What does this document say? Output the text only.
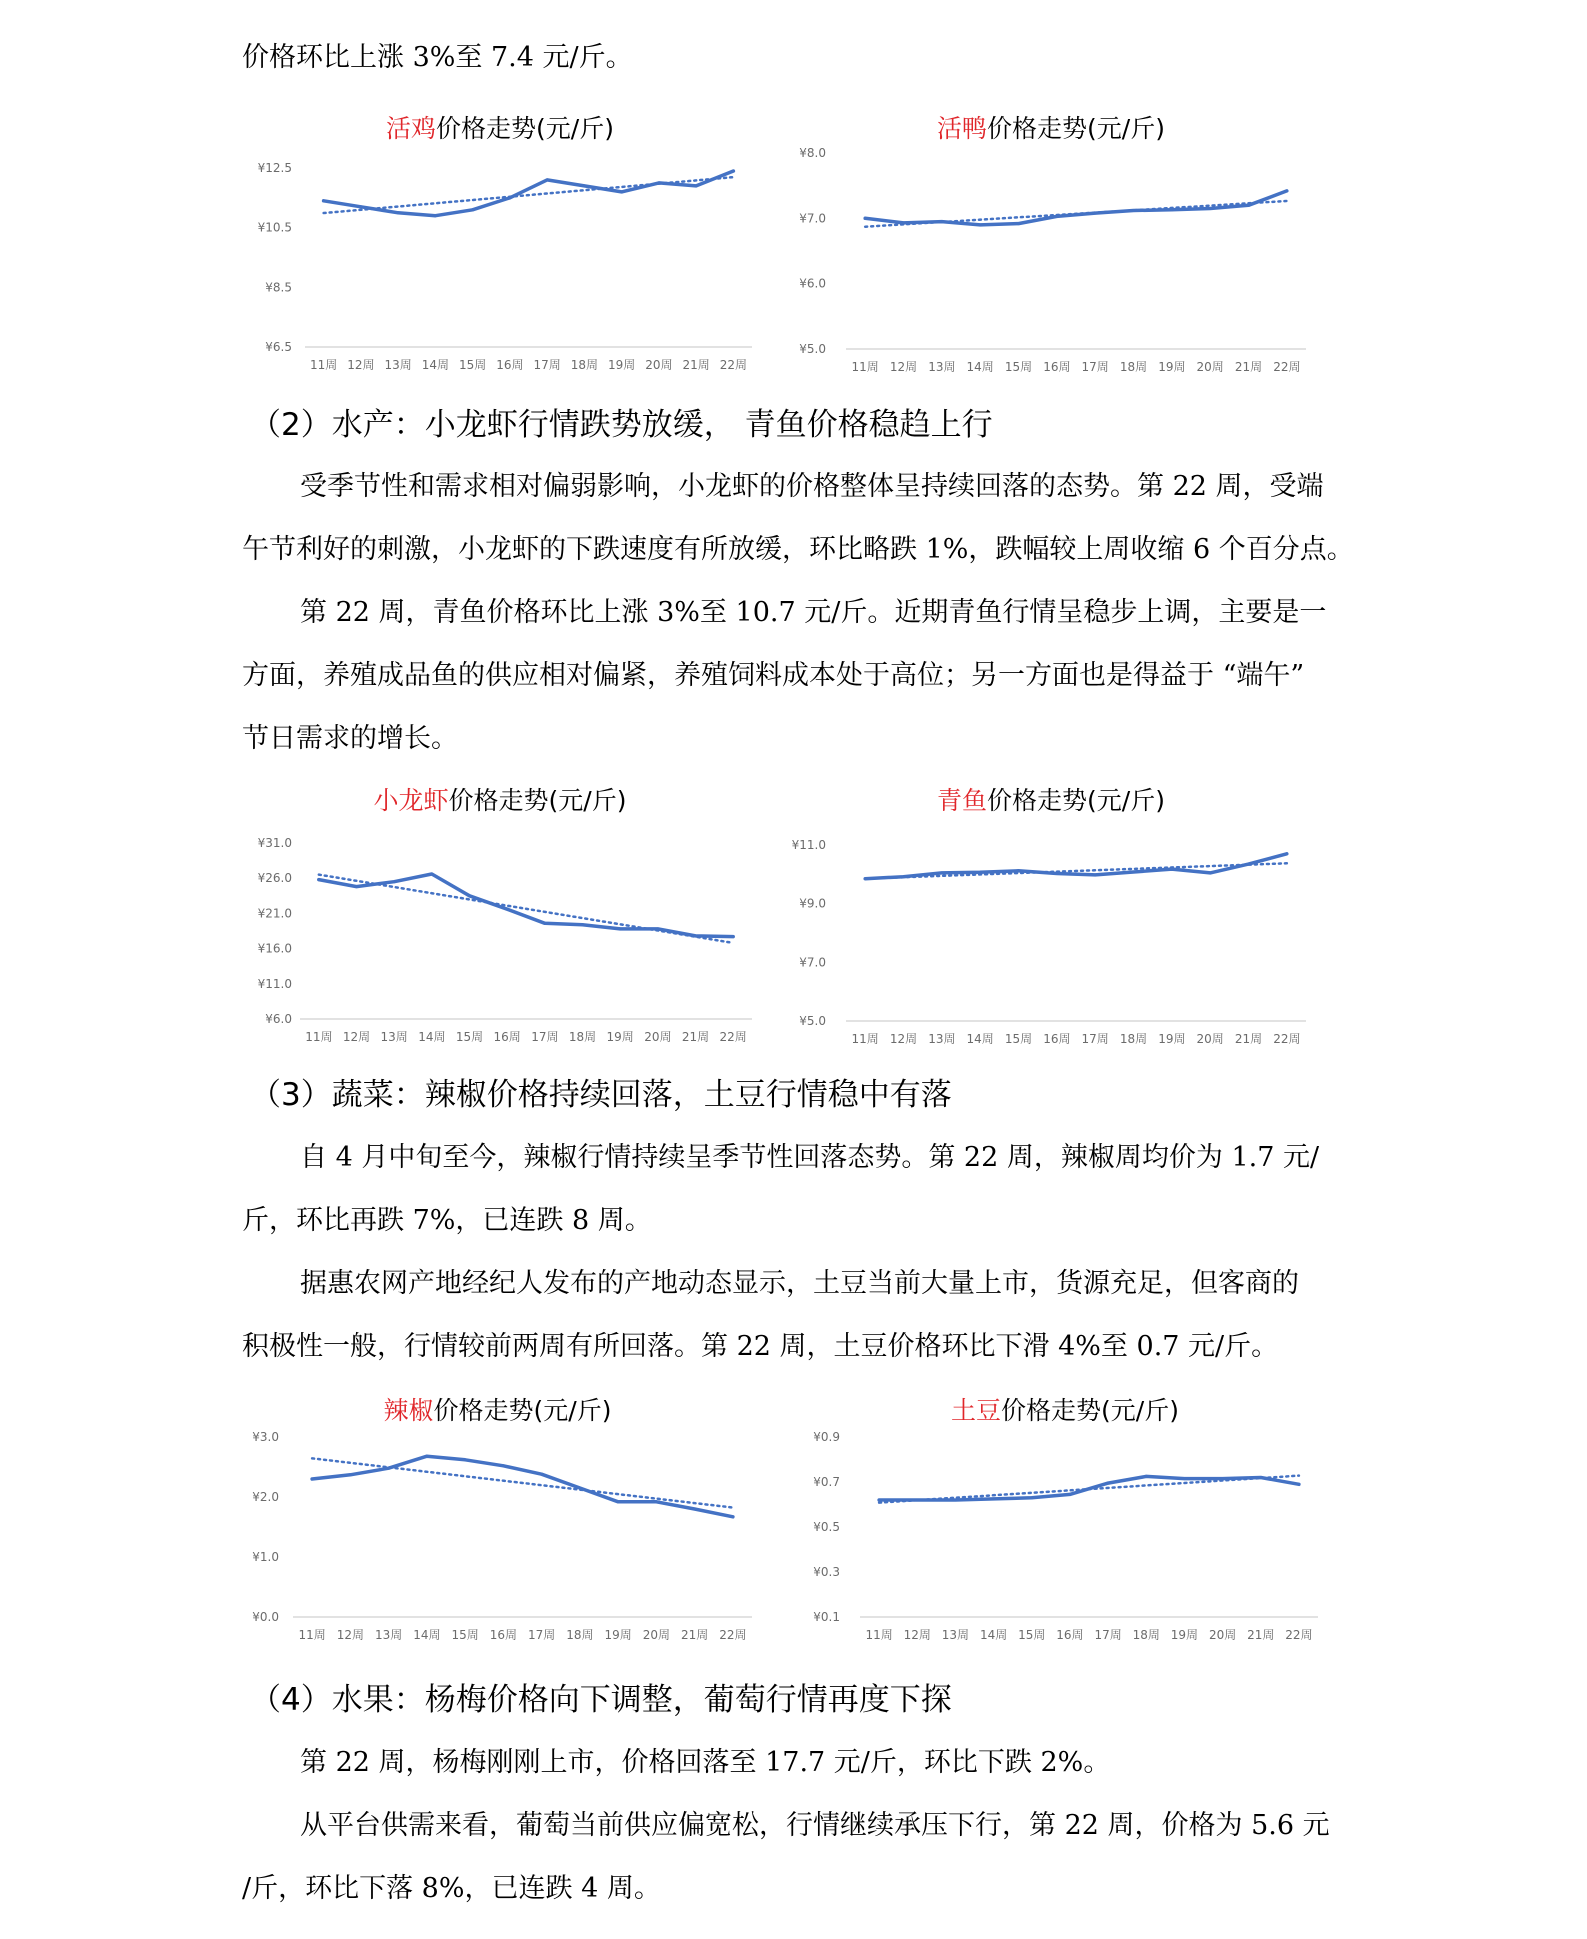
价格环比上涨 3%至 7.4 元/斤。
活鸡价格走势(元/斤)
¥12.5
¥10.5
¥8.5
¥6.5
11周 12周 13周 14周 15周 16周 17周 18周 19周 20周 21周 22周
活鸭价格走势(元/斤)
¥8.0
¥7.0
¥6.0
¥5.0
11周 12周 13周 14周 15周 16周 17周 18周 19周 20周 21周 22周
（2）水产：小龙虾行情跌势放缓， 青鱼价格稳趋上行
受季节性和需求相对偏弱影响，小龙虾的价格整体呈持续回落的态势。第 22 周，受端
午节利好的刺激，小龙虾的下跌速度有所放缓，环比略跌 1%，跌幅较上周收缩 6 个百分点。
第 22 周，青鱼价格环比上涨 3%至 10.7 元/斤。近期青鱼行情呈稳步上调，主要是一
方面，养殖成品鱼的供应相对偏紧，养殖饲料成本处于高位；另一方面也是得益于 “端午”
节日需求的增长。
小龙虾价格走势(元/斤)
¥31.0
¥26.0
¥21.0
¥16.0
¥11.0
¥6.0
11周 12周 13周 14周 15周 16周 17周 18周 19周 20周 21周 22周
青鱼价格走势(元/斤)
¥11.0
¥9.0
¥7.0
¥5.0
11周 12周 13周 14周 15周 16周 17周 18周 19周 20周 21周 22周
（3）蔬菜：辣椒价格持续回落，土豆行情稳中有落
自 4 月中旬至今，辣椒行情持续呈季节性回落态势。第 22 周，辣椒周均价为 1.7 元/
斤，环比再跌 7%，已连跌 8 周。
据惠农网产地经纪人发布的产地动态显示，土豆当前大量上市，货源充足，但客商的
积极性一般，行情较前两周有所回落。第 22 周，土豆价格环比下滑 4%至 0.7 元/斤。
辣椒价格走势(元/斤)
¥3.0
¥2.0
¥1.0
¥0.0
11周 12周 13周 14周 15周 16周 17周 18周 19周 20周 21周 22周
土豆价格走势(元/斤)
¥0.9
¥0.7
¥0.5
¥0.3
¥0.1
11周 12周 13周 14周 15周 16周 17周 18周 19周 20周 21周 22周
（4）水果：杨梅价格向下调整，葡萄行情再度下探
第 22 周，杨梅刚刚上市，价格回落至 17.7 元/斤，环比下跌 2%。
从平台供需来看，葡萄当前供应偏宽松，行情继续承压下行，第 22 周，价格为 5.6 元
/斤，环比下落 8%，已连跌 4 周。
